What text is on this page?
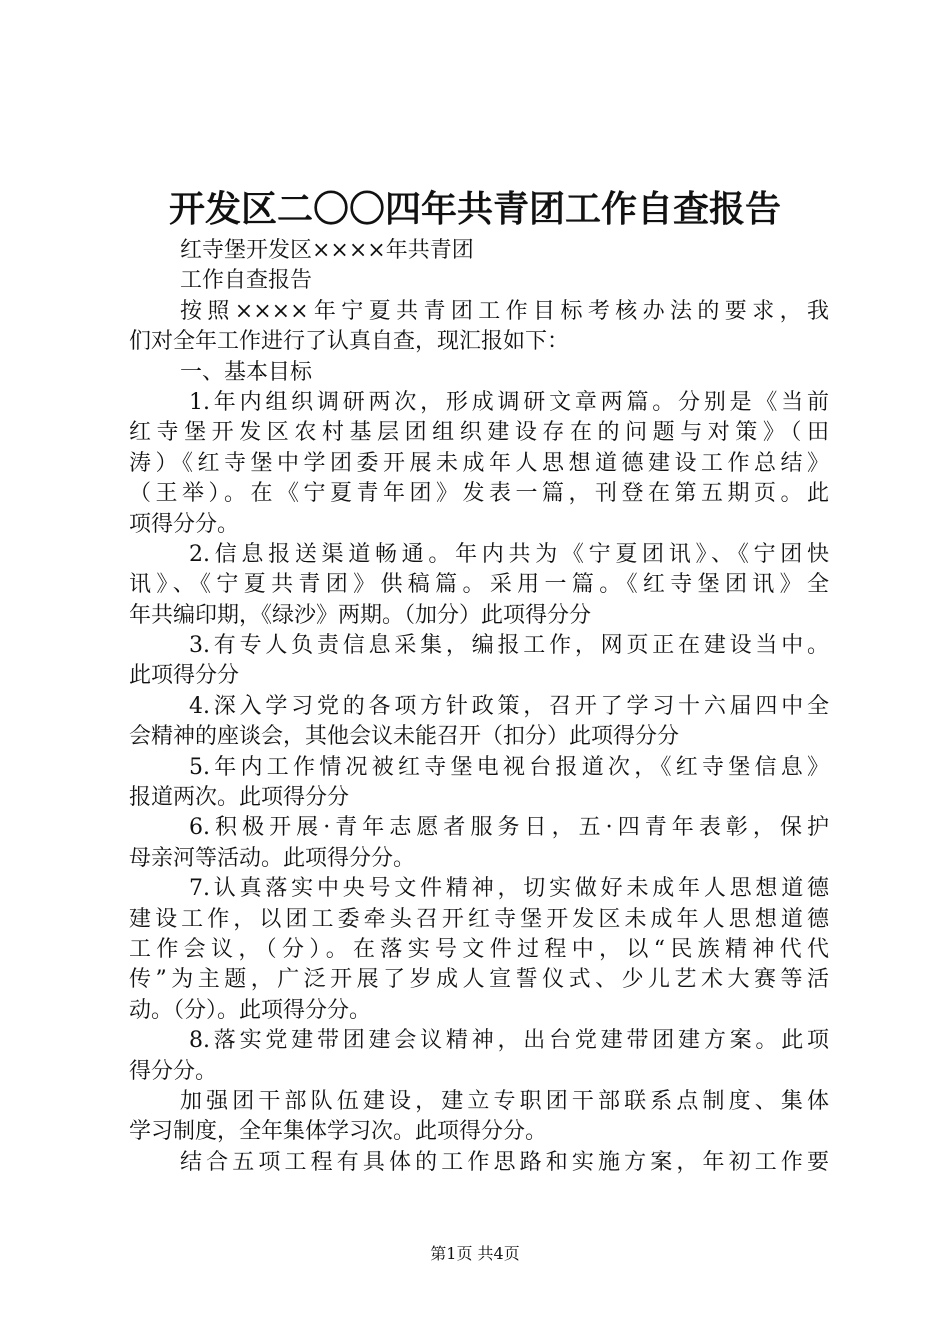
开发区二〇〇四年共青团工作自查报告
红寺堡开发区××××年共青团
工作自查报告
按照××××年宁夏共青团工作目标考核办法的要求，我
们对全年工作进行了认真自查，现汇报如下：
一、基本目标
1.年内组织调研两次，形成调研文章两篇。分别是《当前
红寺堡开发区农村基层团组织建设存在的问题与对策》（田
涛）《红寺堡中学团委开展未成年人思想道德建设工作总结》
（王举）。在《宁夏青年团》发表一篇，刊登在第五期页。此
项得分分。
2.信息报送渠道畅通。年内共为《宁夏团讯》、《宁团快
讯》、《宁夏共青团》供稿篇。采用一篇。《红寺堡团讯》全
年共编印期，《绿沙》两期。（加分）此项得分分
3.有专人负责信息采集，编报工作，网页正在建设当中。
此项得分分
4.深入学习党的各项方针政策，召开了学习十六届四中全
会精神的座谈会，其他会议未能召开（扣分）此项得分分
5.年内工作情况被红寺堡电视台报道次，《红寺堡信息》
报道两次。此项得分分
6.积极开展·青年志愿者服务日，五·四青年表彰，保护
母亲河等活动。此项得分分。
7.认真落实中央号文件精神，切实做好未成年人思想道德
建设工作，以团工委牵头召开红寺堡开发区未成年人思想道德
工作会议，（分）。在落实号文件过程中，以“民族精神代代
传”为主题，广泛开展了岁成人宣誓仪式、少儿艺术大赛等活
动。（分）。此项得分分。
8.落实党建带团建会议精神，出台党建带团建方案。此项
得分分。
加强团干部队伍建设，建立专职团干部联系点制度、集体
学习制度，全年集体学习次。此项得分分。
结合五项工程有具体的工作思路和实施方案，年初工作要
第1页 共4页
